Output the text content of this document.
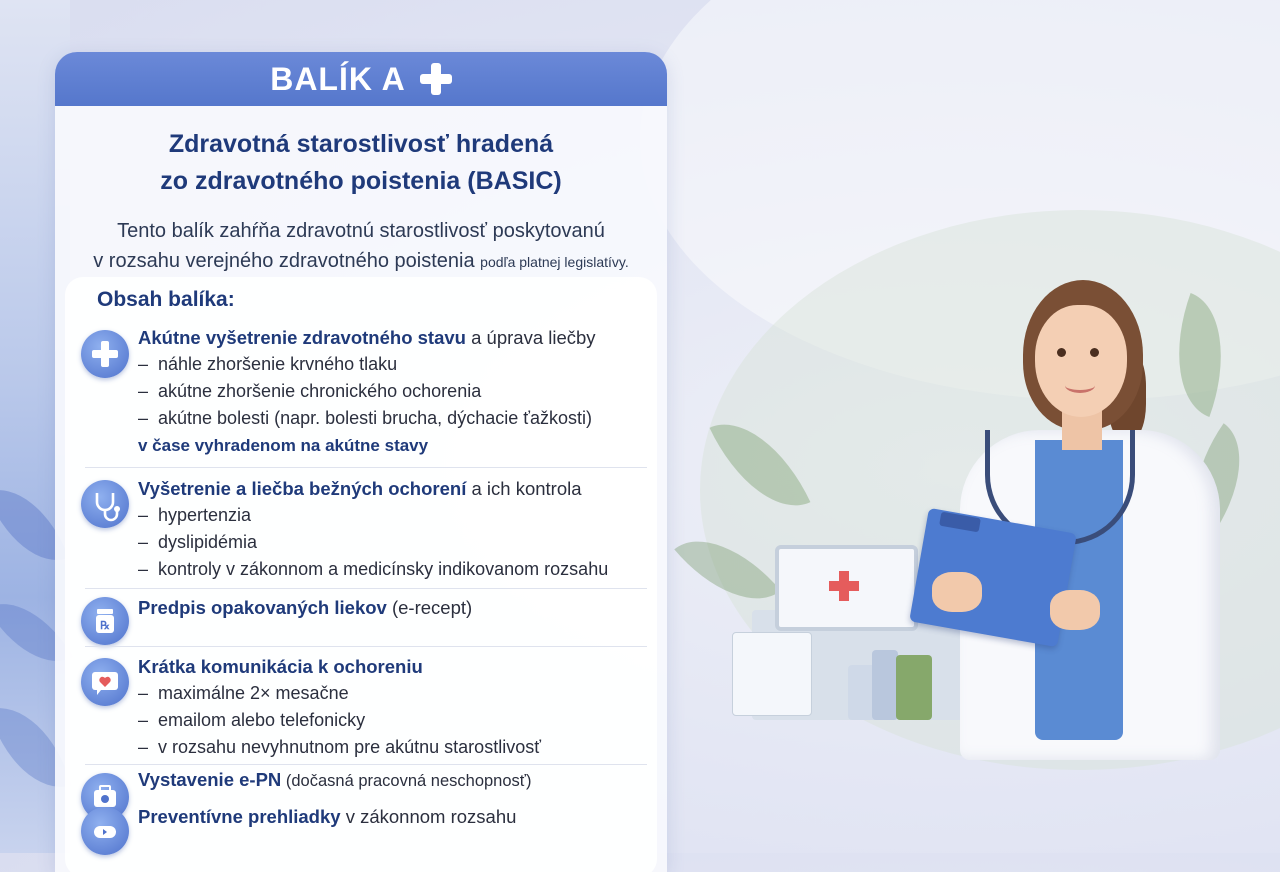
BALÍK A
Zdravotná starostlivosť hradená
zo zdravotného poistenia (BASIC)
Tento balík zahŕňa zdravotnú starostlivosť poskytovanú
v rozsahu verejného zdravotného poistenia podľa platnej legislatívy.
Obsah balíka:
Akútne vyšetrenie zdravotného stavu a úprava liečby
– náhle zhoršenie krvného tlaku
– akútne zhoršenie chronického ochorenia
– akútne bolesti (napr. bolesti brucha, dýchacie ťažkosti)
v čase vyhradenom na akútne stavy
Vyšetrenie a liečba bežných ochorení a ich kontrola
– hypertenzia
– dyslipidémia
– kontroly v zákonnom a medicínsky indikovanom rozsahu
℞
Predpis opakovaných liekov (e-recept)
Krátka komunikácia k ochoreniu
– maximálne 2× mesačne
– emailom alebo telefonicky
– v rozsahu nevyhnutnom pre akútnu starostlivosť
Vystavenie e-PN (dočasná pracovná neschopnosť)
Preventívne prehliadky v zákonnom rozsahu
